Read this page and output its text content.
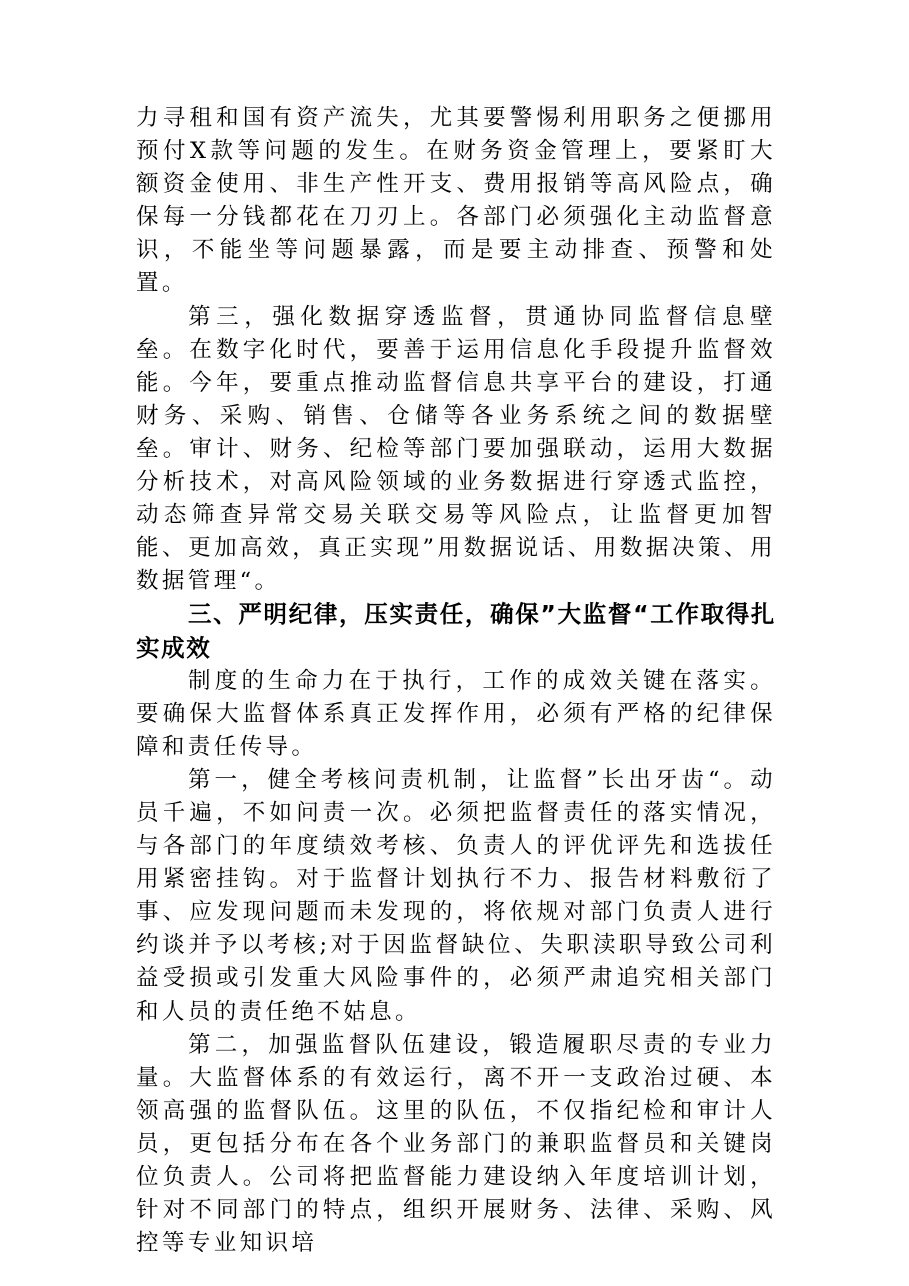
力寻租和国有资产流失，尤其要警惕利用职务之便挪用预付X款等问题的发生。在财务资金管理上，要紧盯大额资金使用、非生产性开支、费用报销等高风险点，确保每一分钱都花在刀刃上。各部门必须强化主动监督意识，不能坐等问题暴露，而是要主动排查、预警和处置。

第三，强化数据穿透监督，贯通协同监督信息壁垒。在数字化时代，要善于运用信息化手段提升监督效能。今年，要重点推动监督信息共享平台的建设，打通财务、采购、销售、仓储等各业务系统之间的数据壁垒。审计、财务、纪检等部门要加强联动，运用大数据分析技术，对高风险领域的业务数据进行穿透式监控，动态筛查异常交易关联交易等风险点，让监督更加智能、更加高效，真正实现”用数据说话、用数据决策、用数据管理“。

三、严明纪律，压实责任，确保”大监督“工作取得扎实成效

制度的生命力在于执行，工作的成效关键在落实。要确保大监督体系真正发挥作用，必须有严格的纪律保障和责任传导。

第一，健全考核问责机制，让监督”长出牙齿“。动员千遍，不如问责一次。必须把监督责任的落实情况，与各部门的年度绩效考核、负责人的评优评先和选拔任用紧密挂钩。对于监督计划执行不力、报告材料敷衍了事、应发现问题而未发现的，将依规对部门负责人进行约谈并予以考核;对于因监督缺位、失职渎职导致公司利益受损或引发重大风险事件的，必须严肃追究相关部门和人员的责任绝不姑息。

第二，加强监督队伍建设，锻造履职尽责的专业力量。大监督体系的有效运行，离不开一支政治过硬、本领高强的监督队伍。这里的队伍，不仅指纪检和审计人员，更包括分布在各个业务部门的兼职监督员和关键岗位负责人。公司将把监督能力建设纳入年度培训计划，针对不同部门的特点，组织开展财务、法律、采购、风控等专业知识培
